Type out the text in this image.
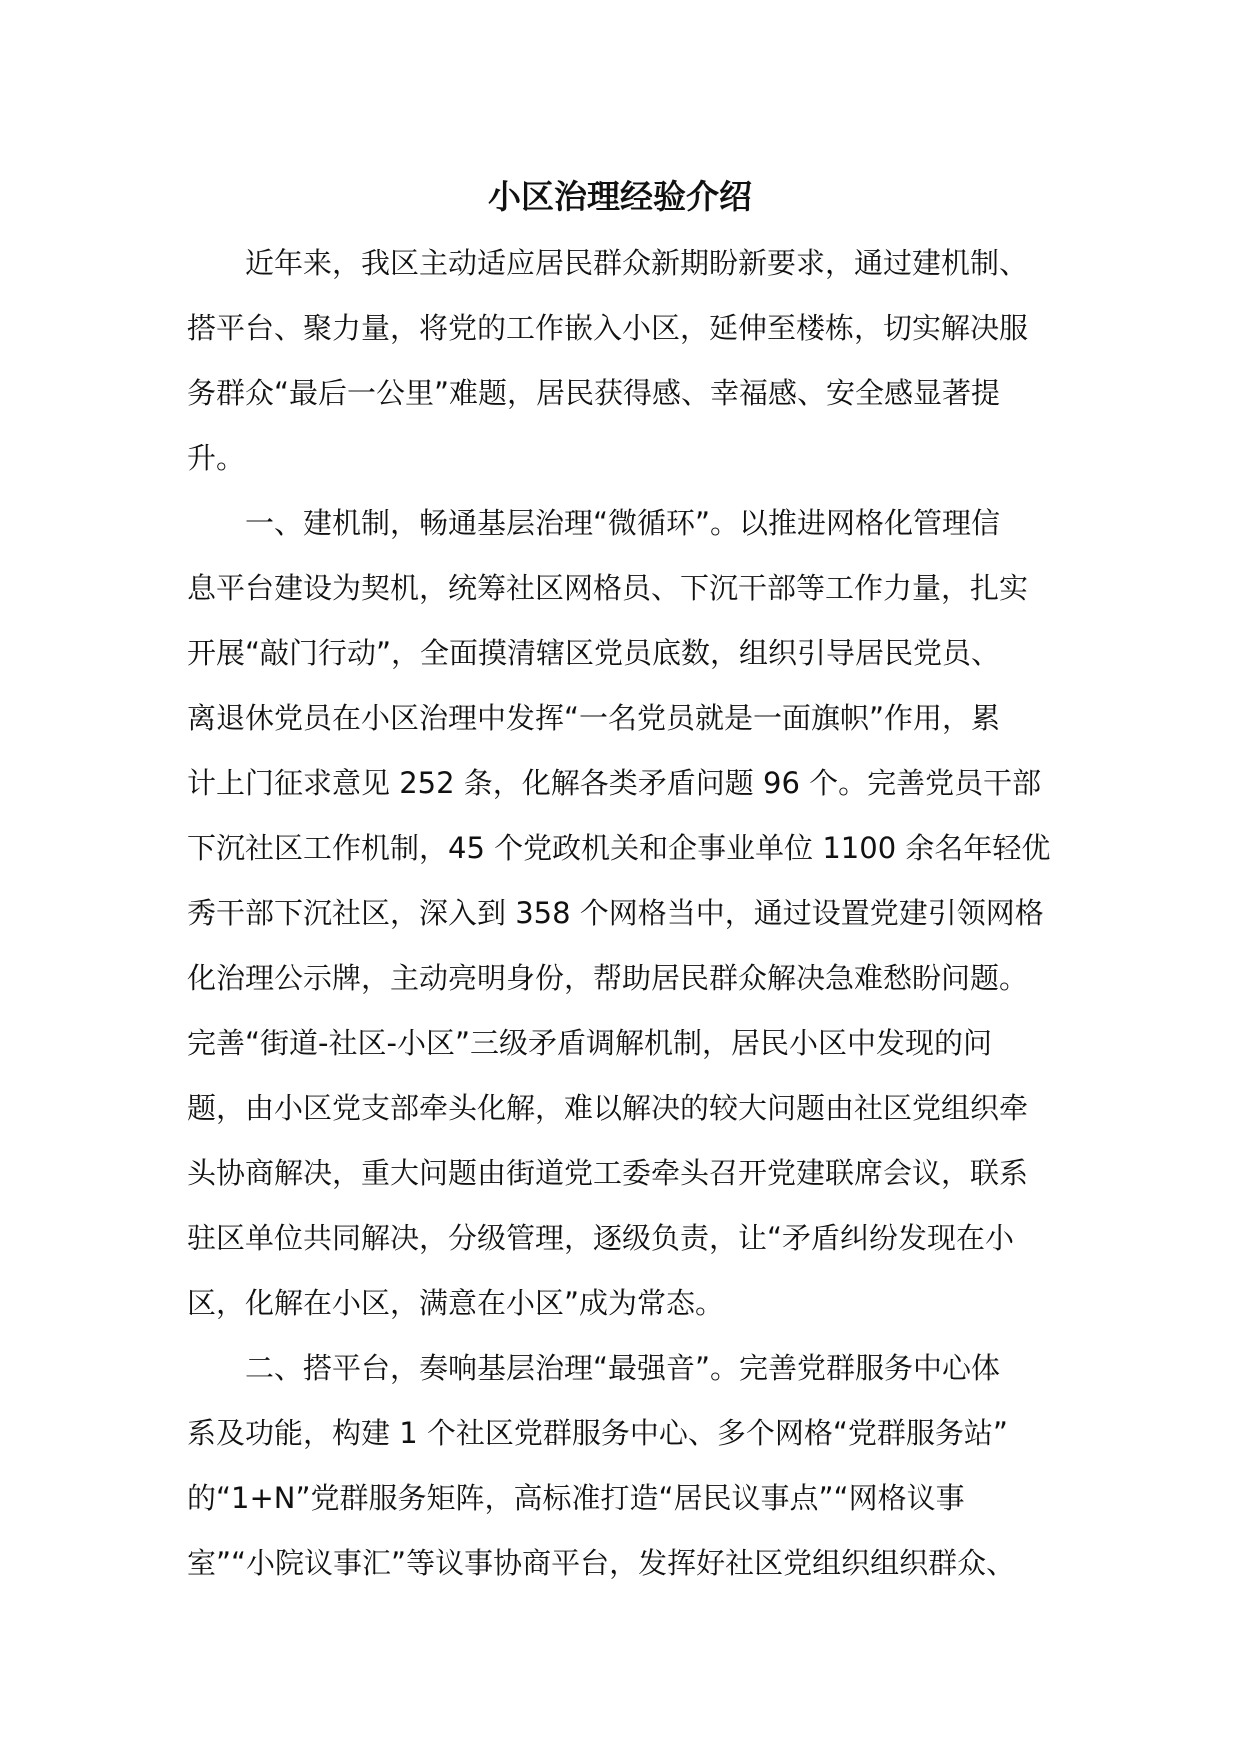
小区治理经验介绍

近年来，我区主动适应居民群众新期盼新要求，通过建机制、

搭平台、聚力量，将党的工作嵌入小区，延伸至楼栋，切实解决服

务群众“最后一公里”难题，居民获得感、幸福感、安全感显著提

升。

一、建机制，畅通基层治理“微循环”。以推进网格化管理信

息平台建设为契机，统筹社区网格员、下沉干部等工作力量，扎实

开展“敲门行动”，全面摸清辖区党员底数，组织引导居民党员、

离退休党员在小区治理中发挥“一名党员就是一面旗帜”作用，累

计上门征求意见 252 条，化解各类矛盾问题 96 个。完善党员干部

下沉社区工作机制，45 个党政机关和企事业单位 1100 余名年轻优

秀干部下沉社区，深入到 358 个网格当中，通过设置党建引领网格

化治理公示牌，主动亮明身份，帮助居民群众解决急难愁盼问题。

完善“街道-社区-小区”三级矛盾调解机制，居民小区中发现的问

题，由小区党支部牵头化解，难以解决的较大问题由社区党组织牵

头协商解决，重大问题由街道党工委牵头召开党建联席会议，联系

驻区单位共同解决，分级管理，逐级负责，让“矛盾纠纷发现在小

区，化解在小区，满意在小区”成为常态。

二、搭平台，奏响基层治理“最强音”。完善党群服务中心体

系及功能，构建 1 个社区党群服务中心、多个网格“党群服务站”

的“1+N”党群服务矩阵，高标准打造“居民议事点”“网格议事

室”“小院议事汇”等议事协商平台，发挥好社区党组织组织群众、
